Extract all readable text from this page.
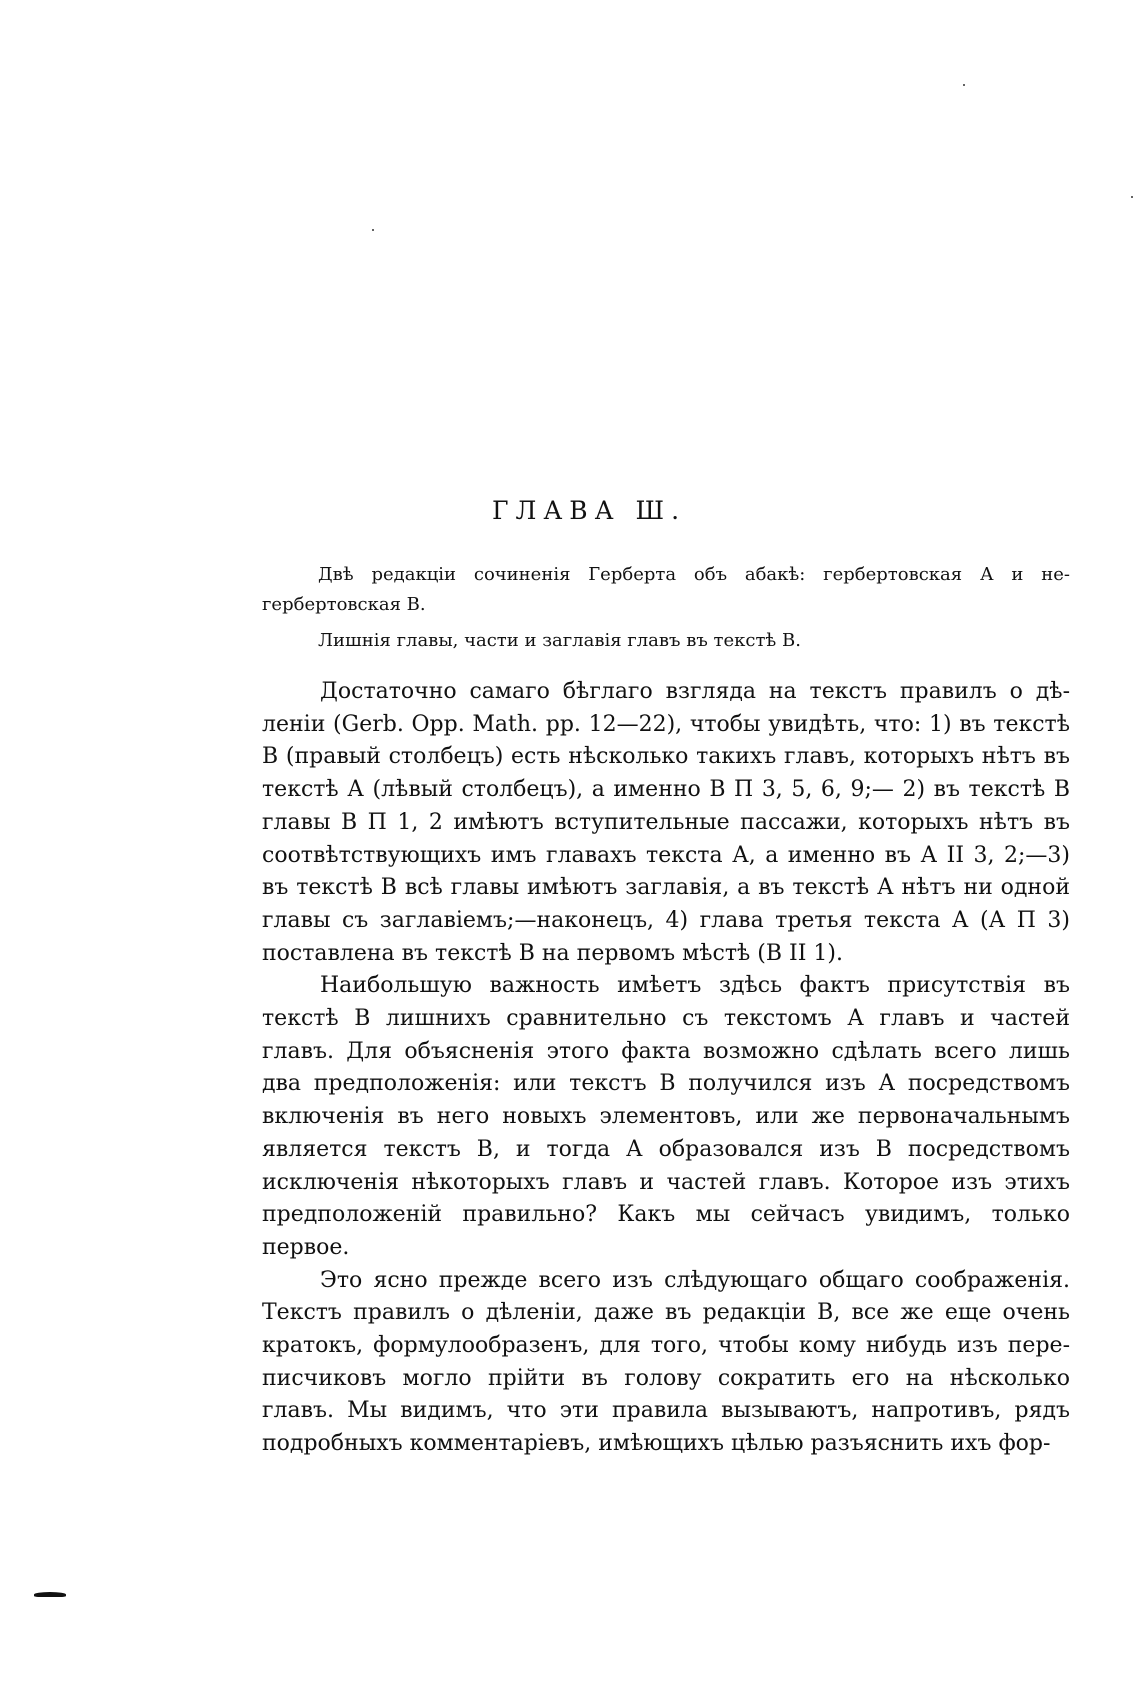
ГЛАВА Ш.

Двѣ редакціи сочиненія Герберта объ абакѣ: гербертовская А и не-гербертовская В.

Лишнія главы, части и заглавія главъ въ текстѣ В.

Достаточно самаго бѣглаго взгляда на текстъ правилъ о дѣленіи (Gerb. Opp. Math. pp. 12—22), чтобы увидѣть, что: 1) въ текстѣ В (правый столбецъ) есть нѣсколько такихъ главъ, которыхъ нѣтъ въ текстѣ А (лѣвый столбецъ), а именно В П 3, 5, 6, 9;— 2) въ текстѣ В главы В П 1, 2 имѣютъ вступительные пассажи, которыхъ нѣтъ въ соотвѣтствующихъ имъ главахъ текста А, а именно въ А II 3, 2;—3) въ текстѣ В всѣ главы имѣютъ заглавія, а въ текстѣ А нѣтъ ни одной главы съ заглавіемъ;—наконецъ, 4) глава третья текста А (А П 3) поставлена въ текстѣ В на первомъ мѣстѣ (В II 1).

Наибольшую важность имѣетъ здѣсь фактъ присутствія въ текстѣ В лишнихъ сравнительно съ текстомъ А главъ и частей главъ. Для объясненія этого факта возможно сдѣлать всего лишь два предположенія: или текстъ В получился изъ А посредствомъ включенія въ него новыхъ элементовъ, или же первоначальнымъ является текстъ В, и тогда А образовался изъ В посредствомъ исключенія нѣкоторыхъ главъ и частей главъ. Которое изъ этихъ предположеній правильно? Какъ мы сейчасъ увидимъ, только первое.

Это ясно прежде всего изъ слѣдующаго общаго соображенія. Текстъ правилъ о дѣленіи, даже въ редакціи В, все же еще очень кратокъ, формулообразенъ, для того, чтобы кому нибудь изъ переписчиковъ могло прійти въ голову сократить его на нѣсколько главъ. Мы видимъ, что эти правила вызываютъ, напротивъ, рядъ подробныхъ комментаріевъ, имѣющихъ цѣлью разъяснить ихъ фор-
